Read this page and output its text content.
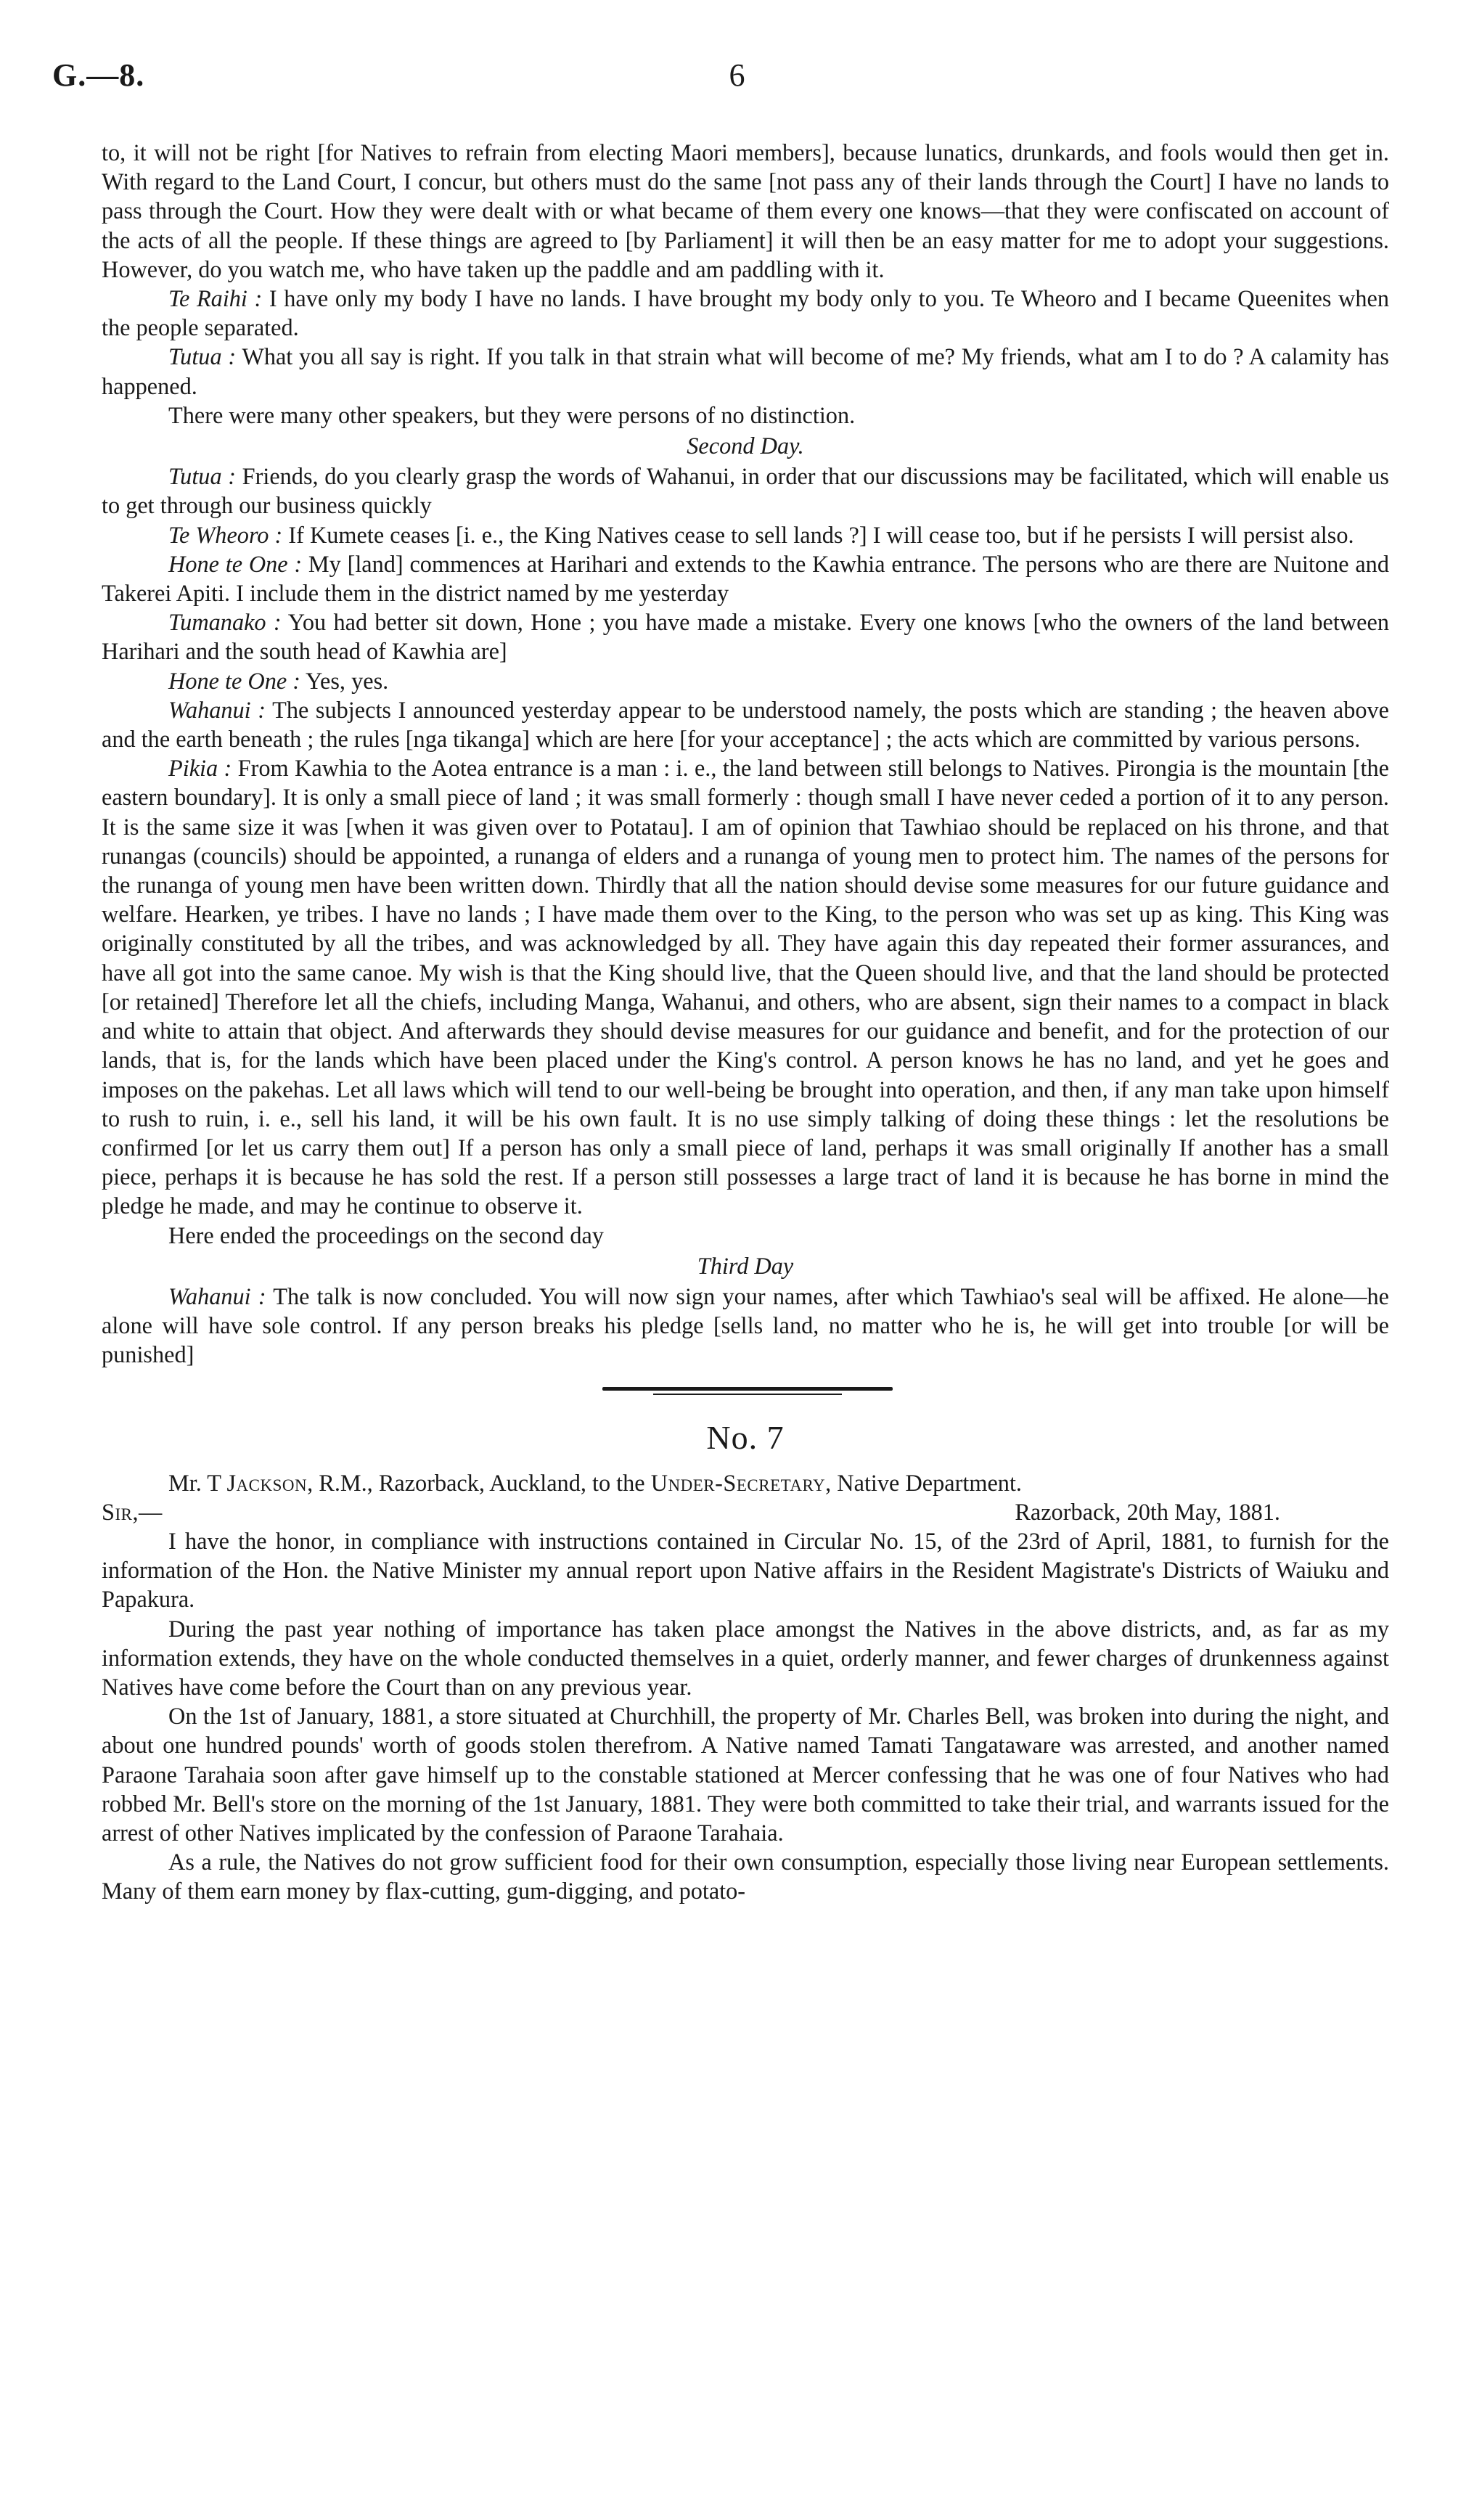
G.—8.	6

to, it will not be right [for Natives to refrain from electing Maori members], because lunatics, drunkards, and fools would then get in. With regard to the Land Court, I concur, but others must do the same [not pass any of their lands through the Court] I have no lands to pass through the Court. How they were dealt with or what became of them every one knows—that they were confiscated on account of the acts of all the people. If these things are agreed to [by Parliament] it will then be an easy matter for me to adopt your suggestions. However, do you watch me, who have taken up the paddle and am paddling with it.

Te Raihi : I have only my body I have no lands. I have brought my body only to you. Te Wheoro and I became Queenites when the people separated.

Tutua : What you all say is right. If you talk in that strain what will become of me? My friends, what am I to do ? A calamity has happened.

There were many other speakers, but they were persons of no distinction.

Second Day.

Tutua : Friends, do you clearly grasp the words of Wahanui, in order that our discussions may be facilitated, which will enable us to get through our business quickly

Te Wheoro : If Kumete ceases [i. e., the King Natives cease to sell lands ?] I will cease too, but if he persists I will persist also.

Hone te One : My [land] commences at Harihari and extends to the Kawhia entrance. The persons who are there are Nuitone and Takerei Apiti. I include them in the district named by me yesterday

Tumanako : You had better sit down, Hone ; you have made a mistake. Every one knows [who the owners of the land between Harihari and the south head of Kawhia are]

Hone te One : Yes, yes.

Wahanui : The subjects I announced yesterday appear to be understood namely, the posts which are standing ; the heaven above and the earth beneath ; the rules [nga tikanga] which are here [for your acceptance] ; the acts which are committed by various persons.

Pikia : From Kawhia to the Aotea entrance is a man : i. e., the land between still belongs to Natives. Pirongia is the mountain [the eastern boundary]. It is only a small piece of land ; it was small formerly : though small I have never ceded a portion of it to any person. It is the same size it was [when it was given over to Potatau]. I am of opinion that Tawhiao should be replaced on his throne, and that runangas (councils) should be appointed, a runanga of elders and a runanga of young men to protect him. The names of the persons for the runanga of young men have been written down. Thirdly that all the nation should devise some measures for our future guidance and welfare. Hearken, ye tribes. I have no lands ; I have made them over to the King, to the person who was set up as king. This King was originally constituted by all the tribes, and was acknowledged by all. They have again this day repeated their former assurances, and have all got into the same canoe. My wish is that the King should live, that the Queen should live, and that the land should be protected [or retained] Therefore let all the chiefs, including Manga, Wahanui, and others, who are absent, sign their names to a compact in black and white to attain that object. And afterwards they should devise measures for our guidance and benefit, and for the protection of our lands, that is, for the lands which have been placed under the King's control. A person knows he has no land, and yet he goes and imposes on the pakehas. Let all laws which will tend to our well-being be brought into operation, and then, if any man take upon himself to rush to ruin, i. e., sell his land, it will be his own fault. It is no use simply talking of doing these things : let the resolutions be confirmed [or let us carry them out] If a person has only a small piece of land, perhaps it was small originally If another has a small piece, perhaps it is because he has sold the rest. If a person still possesses a large tract of land it is because he has borne in mind the pledge he made, and may he continue to observe it.

Here ended the proceedings on the second day

Third Day

Wahanui : The talk is now concluded. You will now sign your names, after which Tawhiao's seal will be affixed. He alone—he alone will have sole control. If any person breaks his pledge [sells land, no matter who he is, he will get into trouble [or will be punished]

No. 7

Mr. T Jackson, R.M., Razorback, Auckland, to the Under-Secretary, Native Department.

Sir,—	Razorback, 20th May, 1881.

I have the honor, in compliance with instructions contained in Circular No. 15, of the 23rd of April, 1881, to furnish for the information of the Hon. the Native Minister my annual report upon Native affairs in the Resident Magistrate's Districts of Waiuku and Papakura.

During the past year nothing of importance has taken place amongst the Natives in the above districts, and, as far as my information extends, they have on the whole conducted themselves in a quiet, orderly manner, and fewer charges of drunkenness against Natives have come before the Court than on any previous year.

On the 1st of January, 1881, a store situated at Churchhill, the property of Mr. Charles Bell, was broken into during the night, and about one hundred pounds' worth of goods stolen therefrom. A Native named Tamati Tangataware was arrested, and another named Paraone Tarahaia soon after gave himself up to the constable stationed at Mercer confessing that he was one of four Natives who had robbed Mr. Bell's store on the morning of the 1st January, 1881. They were both committed to take their trial, and warrants issued for the arrest of other Natives implicated by the confession of Paraone Tarahaia.

As a rule, the Natives do not grow sufficient food for their own consumption, especially those living near European settlements. Many of them earn money by flax-cutting, gum-digging, and potato-
